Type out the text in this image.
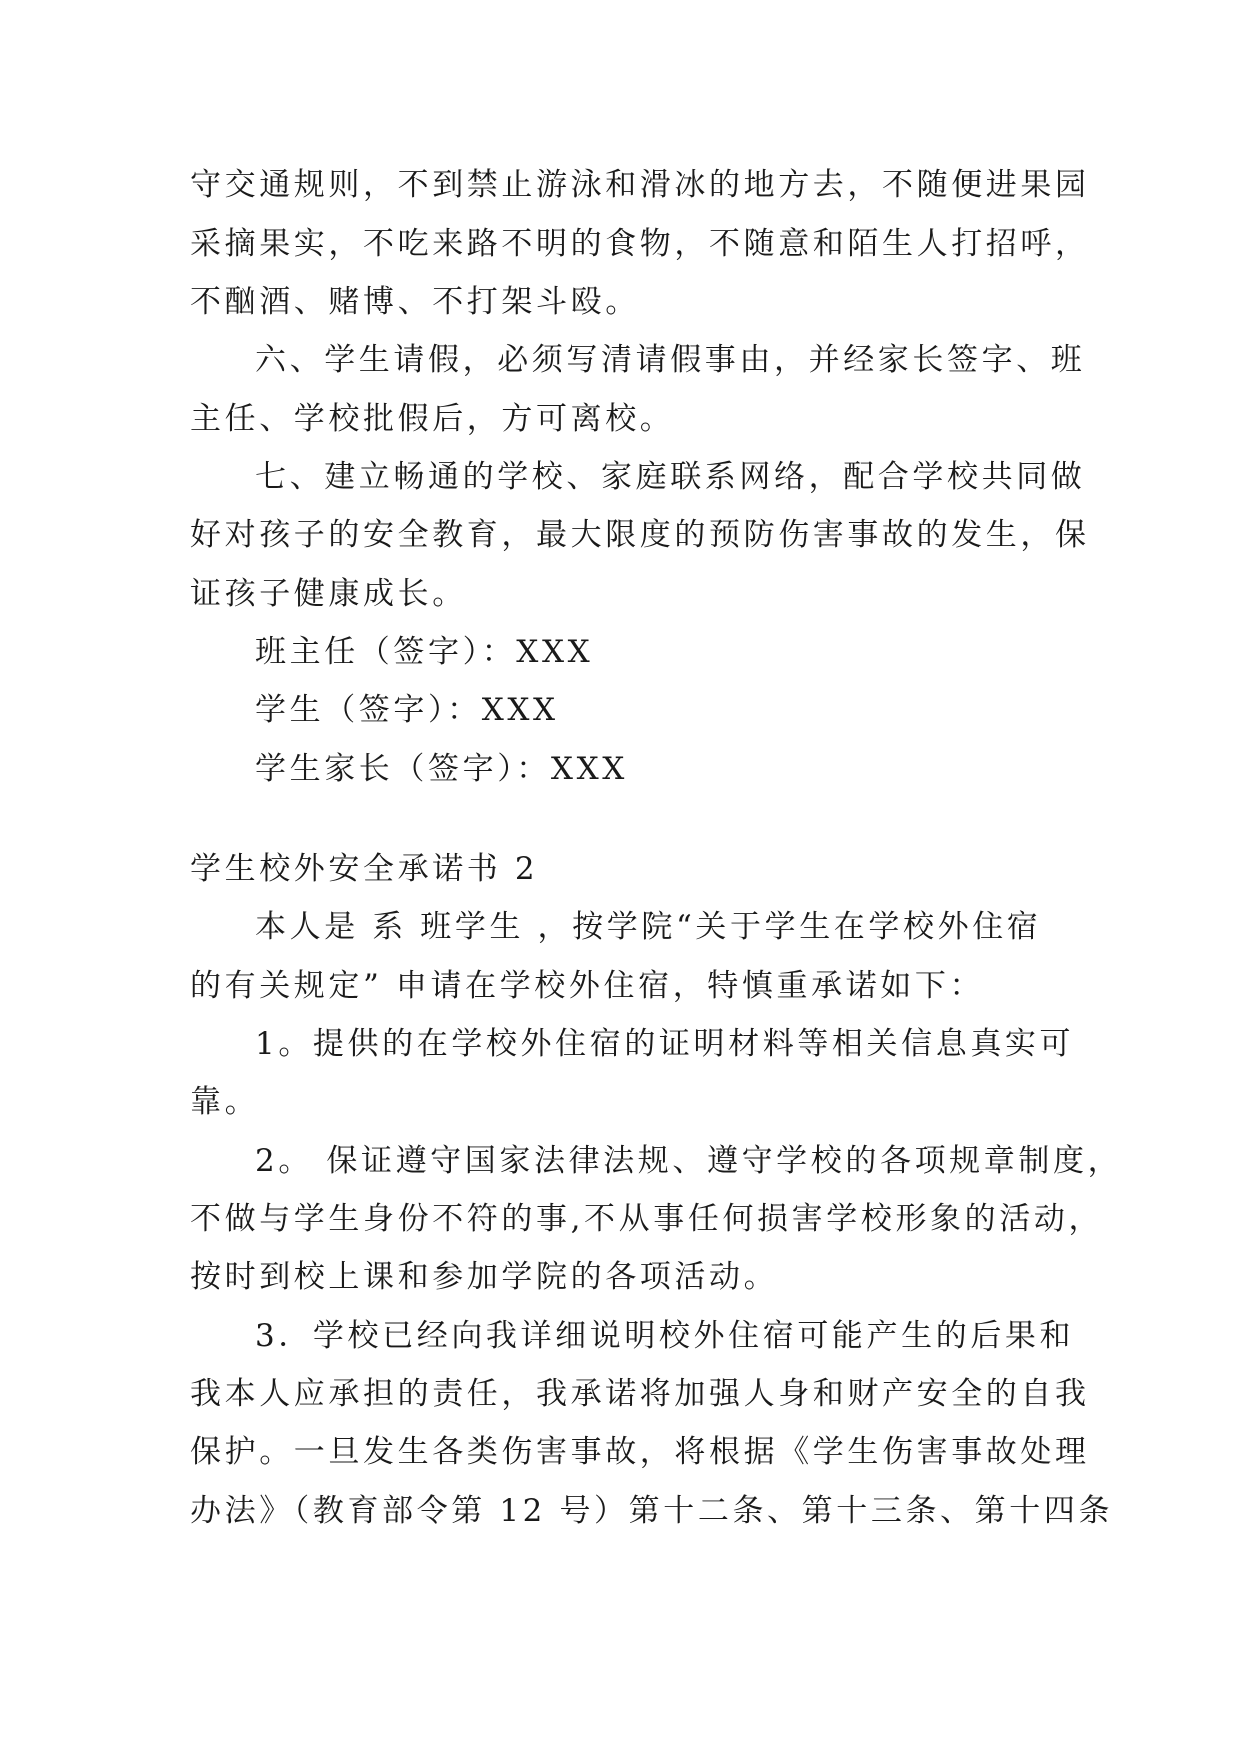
守交通规则，不到禁止游泳和滑冰的地方去，不随便进果园
采摘果实，不吃来路不明的食物，不随意和陌生人打招呼，
不酗酒、赌博、不打架斗殴。
六、学生请假，必须写清请假事由，并经家长签字、班
主任、学校批假后，方可离校。
七、建立畅通的学校、家庭联系网络，配合学校共同做
好对孩子的安全教育，最大限度的预防伤害事故的发生，保
证孩子健康成长。
班主任（签字）：XXX
学生（签字）：XXX
学生家长（签字）：XXX
学生校外安全承诺书 2
本人是 系 班学生 ，按学院“关于学生在学校外住宿
的有关规定” 申请在学校外住宿，特慎重承诺如下：
1。提供的在学校外住宿的证明材料等相关信息真实可
靠。
2。 保证遵守国家法律法规、遵守学校的各项规章制度，
不做与学生身份不符的事,不从事任何损害学校形象的活动，
按时到校上课和参加学院的各项活动。
3．学校已经向我详细说明校外住宿可能产生的后果和
我本人应承担的责任，我承诺将加强人身和财产安全的自我
保护。一旦发生各类伤害事故，将根据《学生伤害事故处理
办法》（教育部令第 12 号）第十二条、第十三条、第十四条
